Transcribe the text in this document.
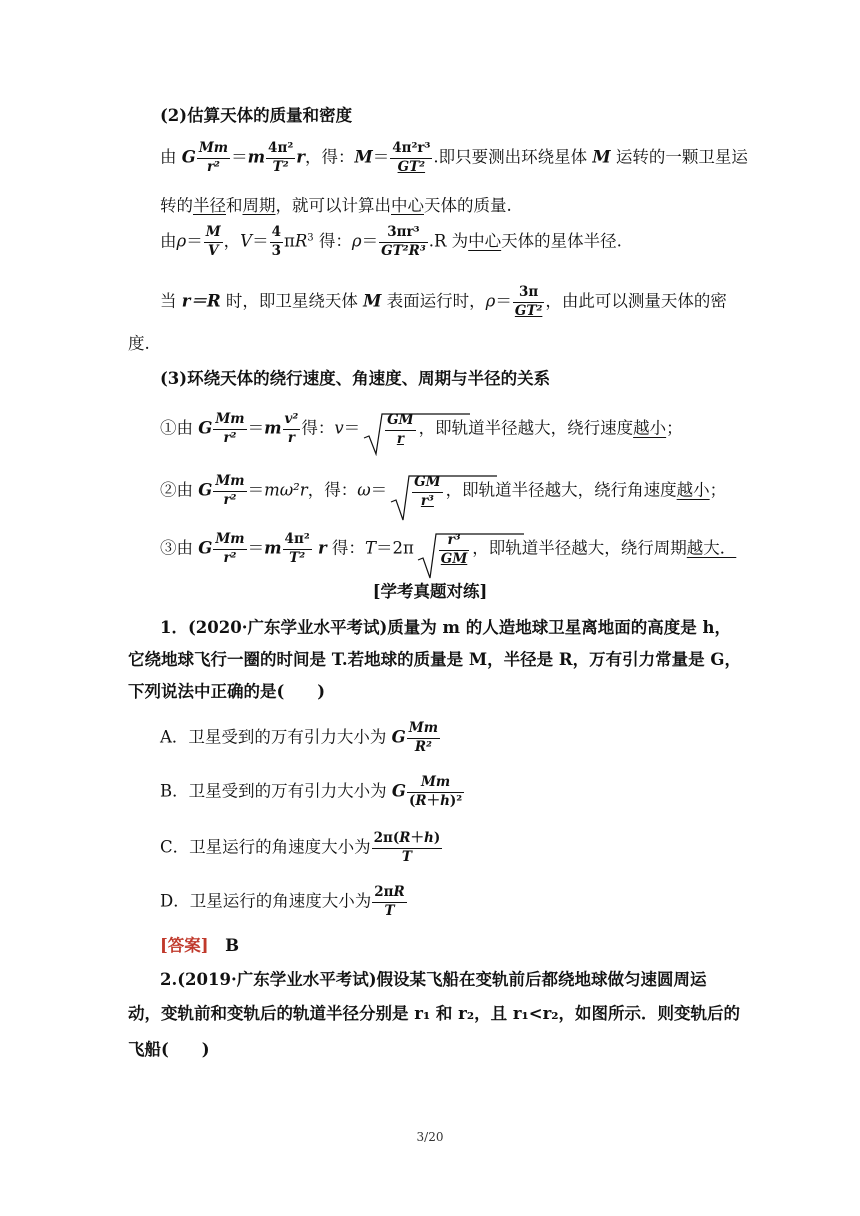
(2)估算天体的质量和密度
由 G $\frac{Mm}{\text{r²}} =m \frac{\text{4π²}}{\text{T²}}$ r，得：$M= \frac{\text{4π²r³}}{\text{GT²}}$ .即只要测出环绕星体 M 运转的一颗卫星运
转的半径和周期，就可以计算出中心天体的质量.
由$\rho= \frac{M}{V}$ ，$V= \frac{4}{3} \pi R^3$ 得：$\rho= \frac{\text{3πr³}}{\text{GT²R³}} .R$ 为中心天体的星体半径.
当 r＝R 时，即卫星绕天体 M 表面运行时，$\rho= \frac{3\pi}{\text{GT²}}$ ，由此可以测量天体的密
度.
(3)环绕天体的绕行速度、角速度、周期与半径的关系
①由 G $\frac{Mm}{\text{r²}} =m \frac{\text{v²}}{r}$ 得：$v= \frac{GM}{r}$ ，即轨道半径越大，绕行速度越小；
②由 G $\frac{Mm}{\text{r²}} =m\omega^2r$，得：$\omega= \frac{GM}{\text{r³}}$ ，即轨道半径越大，绕行角速度越小；
③由 G $\frac{Mm}{\text{r²}} =m \frac{\text{4π²}}{\text{T²}}$ r 得：$T=2\pi \frac{\text{r³}}{GM}$ ，即轨道半径越大，绕行周期越大．
[学考真题对练]
1．(2020·广东学业水平考试)质量为 m 的人造地球卫星离地面的高度是 h，
它绕地球飞行一圈的时间是 T.若地球的质量是 M，半径是 R，万有引力常量是 G，
下列说法中正确的是(　　)
A．卫星受到的万有引力大小为 G $\frac{Mm}{\text{R²}}$
B．卫星受到的万有引力大小为 G $\frac{Mm}{\text{(R＋h)²}}$
C．卫星运行的角速度大小为 $\frac{2\pi(R+h)}{T}$
D．卫星运行的角速度大小为 $\frac{2\pi R}{T}$
[答案]　 B
2.(2019·广东学业水平考试)假设某飞船在变轨前后都绕地球做匀速圆周运
动，变轨前和变轨后的轨道半径分别是 r₁ 和 r₂，且 r₁<r₂，如图所示．则变轨后的
飞船(　　)
3/20
